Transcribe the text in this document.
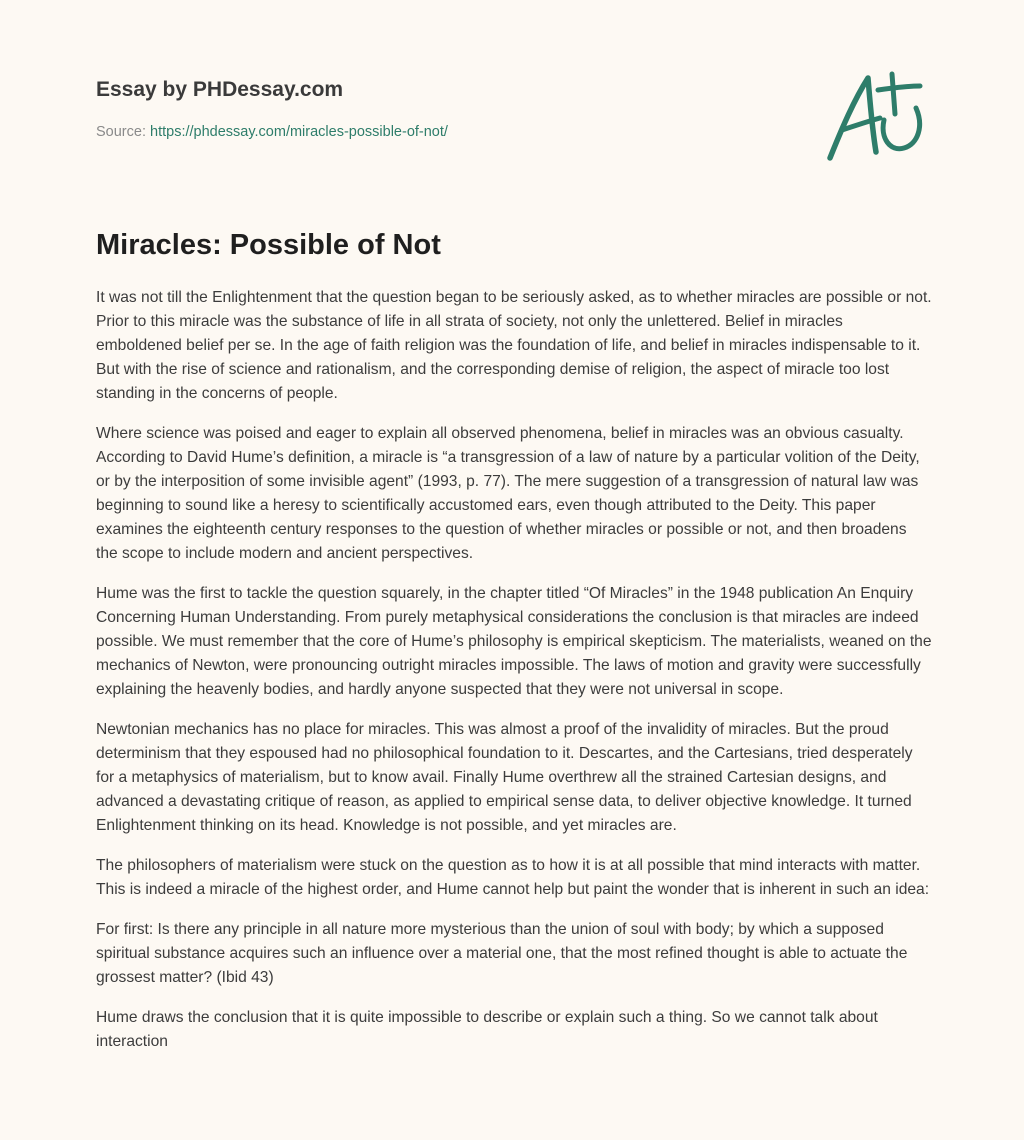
Essay by PHDessay.com
Source: https://phdessay.com/miracles-possible-of-not/
Miracles: Possible of Not

It was not till the Enlightenment that the question began to be seriously asked, as to whether miracles are possible or not. Prior to this miracle was the substance of life in all strata of society, not only the unlettered. Belief in miracles emboldened belief per se. In the age of faith religion was the foundation of life, and belief in miracles indispensable to it. But with the rise of science and rationalism, and the corresponding demise of religion, the aspect of miracle too lost standing in the concerns of people.

Where science was poised and eager to explain all observed phenomena, belief in miracles was an obvious casualty. According to David Hume’s definition, a miracle is “a transgression of a law of nature by a particular volition of the Deity, or by the interposition of some invisible agent” (1993, p. 77). The mere suggestion of a transgression of natural law was beginning to sound like a heresy to scientifically accustomed ears, even though attributed to the Deity. This paper examines the eighteenth century responses to the question of whether miracles or possible or not, and then broadens the scope to include modern and ancient perspectives.

Hume was the first to tackle the question squarely, in the chapter titled “Of Miracles” in the 1948 publication An Enquiry Concerning Human Understanding. From purely metaphysical considerations the conclusion is that miracles are indeed possible. We must remember that the core of Hume’s philosophy is empirical skepticism. The materialists, weaned on the mechanics of Newton, were pronouncing outright miracles impossible. The laws of motion and gravity were successfully explaining the heavenly bodies, and hardly anyone suspected that they were not universal in scope.

Newtonian mechanics has no place for miracles. This was almost a proof of the invalidity of miracles. But the proud determinism that they espoused had no philosophical foundation to it. Descartes, and the Cartesians, tried desperately for a metaphysics of materialism, but to know avail. Finally Hume overthrew all the strained Cartesian designs, and advanced a devastating critique of reason, as applied to empirical sense data, to deliver objective knowledge. It turned Enlightenment thinking on its head. Knowledge is not possible, and yet miracles are.

The philosophers of materialism were stuck on the question as to how it is at all possible that mind interacts with matter. This is indeed a miracle of the highest order, and Hume cannot help but paint the wonder that is inherent in such an idea:

For first: Is there any principle in all nature more mysterious than the union of soul with body; by which a supposed spiritual substance acquires such an influence over a material one, that the most refined thought is able to actuate the grossest matter? (Ibid 43)

Hume draws the conclusion that it is quite impossible to describe or explain such a thing. So we cannot talk about interaction
